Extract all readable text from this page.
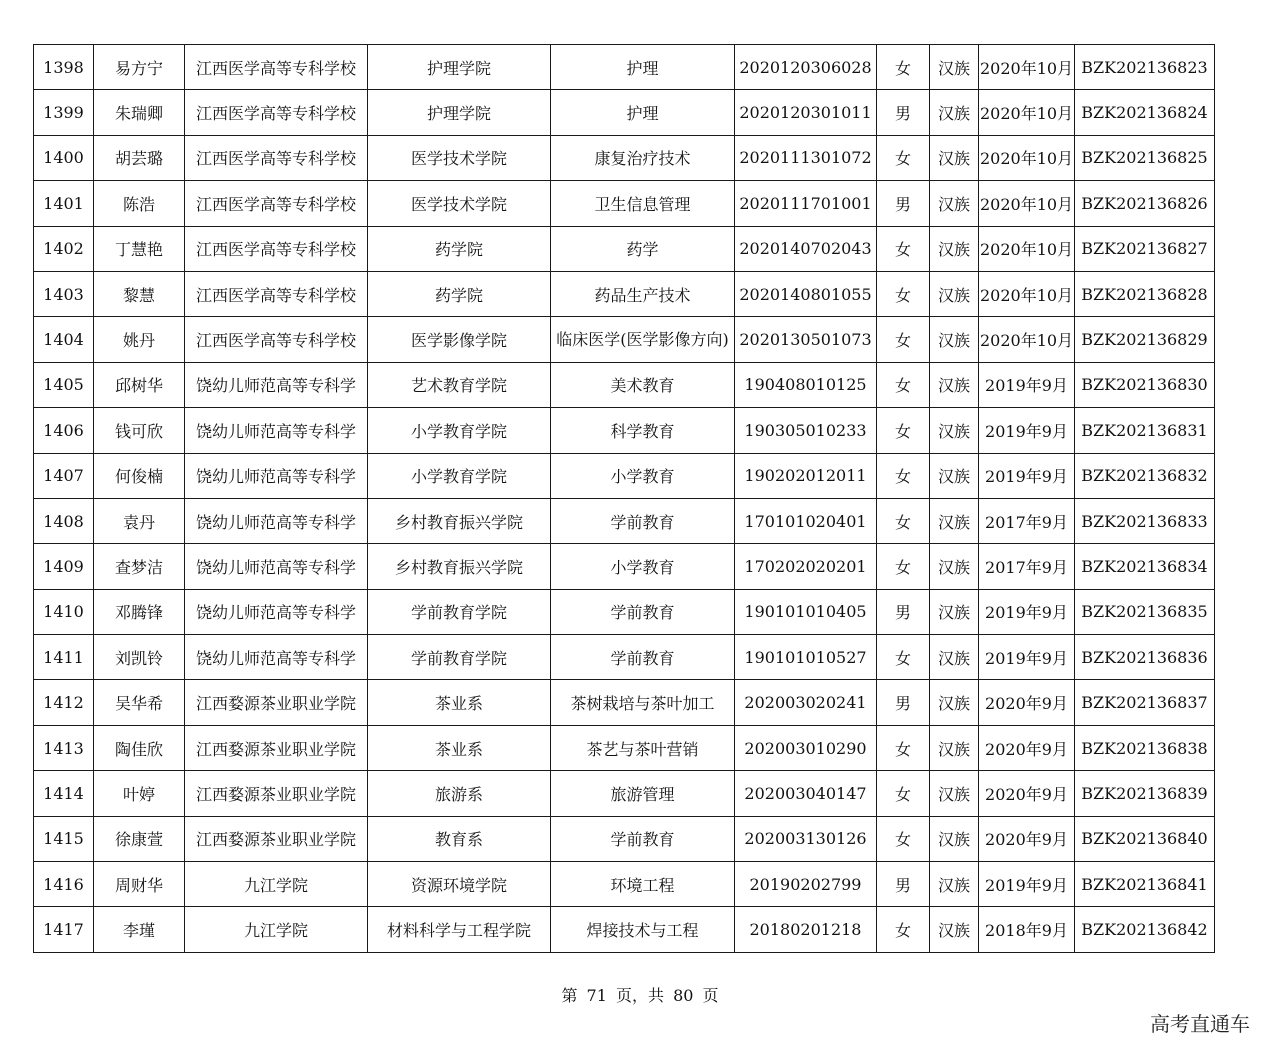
1398	易方宁	江西医学高等专科学校	护理学院	护理	2020120306028	女	汉族	2020年10月	BZK202136823
1399	朱瑞卿	江西医学高等专科学校	护理学院	护理	2020120301011	男	汉族	2020年10月	BZK202136824
1400	胡芸璐	江西医学高等专科学校	医学技术学院	康复治疗技术	2020111301072	女	汉族	2020年10月	BZK202136825
1401	陈浩	江西医学高等专科学校	医学技术学院	卫生信息管理	2020111701001	男	汉族	2020年10月	BZK202136826
1402	丁慧艳	江西医学高等专科学校	药学院	药学	2020140702043	女	汉族	2020年10月	BZK202136827
1403	黎慧	江西医学高等专科学校	药学院	药品生产技术	2020140801055	女	汉族	2020年10月	BZK202136828
1404	姚丹	江西医学高等专科学校	医学影像学院	临床医学(医学影像方向)	2020130501073	女	汉族	2020年10月	BZK202136829
1405	邱树华	饶幼儿师范高等专科学	艺术教育学院	美术教育	190408010125	女	汉族	2019年9月	BZK202136830
1406	钱可欣	饶幼儿师范高等专科学	小学教育学院	科学教育	190305010233	女	汉族	2019年9月	BZK202136831
1407	何俊楠	饶幼儿师范高等专科学	小学教育学院	小学教育	190202012011	女	汉族	2019年9月	BZK202136832
1408	袁丹	饶幼儿师范高等专科学	乡村教育振兴学院	学前教育	170101020401	女	汉族	2017年9月	BZK202136833
1409	查梦洁	饶幼儿师范高等专科学	乡村教育振兴学院	小学教育	170202020201	女	汉族	2017年9月	BZK202136834
1410	邓腾锋	饶幼儿师范高等专科学	学前教育学院	学前教育	190101010405	男	汉族	2019年9月	BZK202136835
1411	刘凯铃	饶幼儿师范高等专科学	学前教育学院	学前教育	190101010527	女	汉族	2019年9月	BZK202136836
1412	吴华希	江西婺源茶业职业学院	茶业系	茶树栽培与茶叶加工	202003020241	男	汉族	2020年9月	BZK202136837
1413	陶佳欣	江西婺源茶业职业学院	茶业系	茶艺与茶叶营销	202003010290	女	汉族	2020年9月	BZK202136838
1414	叶婷	江西婺源茶业职业学院	旅游系	旅游管理	202003040147	女	汉族	2020年9月	BZK202136839
1415	徐康萱	江西婺源茶业职业学院	教育系	学前教育	202003130126	女	汉族	2020年9月	BZK202136840
1416	周财华	九江学院	资源环境学院	环境工程	20190202799	男	汉族	2019年9月	BZK202136841
1417	李瑾	九江学院	材料科学与工程学院	焊接技术与工程	20180201218	女	汉族	2018年9月	BZK202136842
第 71 页，共 80 页
高考直通车
